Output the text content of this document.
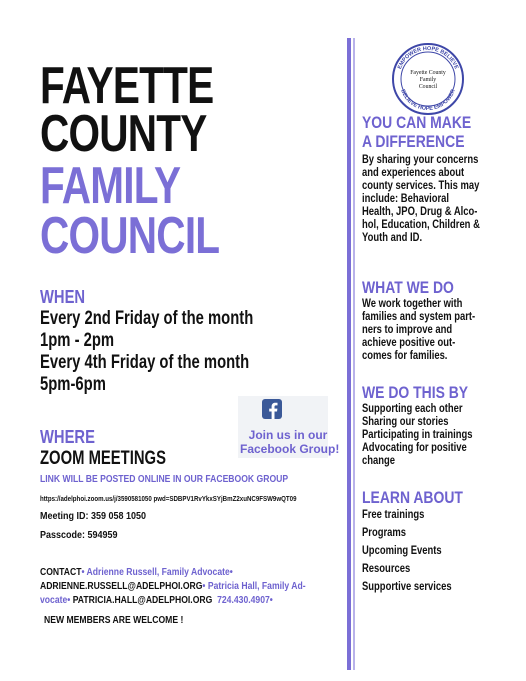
FAYETTE
COUNTY
FAMILY
COUNCIL
WHEN
Every 2nd Friday of the month
1pm - 2pm
Every 4th Friday of the month
5pm-6pm
Join us in our
Facebook Group!
WHERE
ZOOM MEETINGS
LINK WILL BE POSTED ONLINE IN OUR FACEBOOK GROUP
https://adelphoi.zoom.us/j/3590581050 pwd=SDBPV1RvYkxSYjBmZ2xuNC9FSW9wQT09
Meeting ID: 359 058 1050
Passcode: 594959
CONTACT• Adrienne Russell, Family Advocate•
ADRIENNE.RUSSELL@ADELPHOI.ORG• Patricia Hall, Family Ad-
vocate• PATRICIA.HALL@ADELPHOI.ORG 724.430.4907•
NEW MEMBERS ARE WELCOME !
EMPOWER HOPE BELIEVE
BELIEVE HOPE EMPOWER
Fayette County
Family
Council
YOU CAN MAKE
A DIFFERENCE
By sharing your concerns
and experiences about
county services. This may
include: Behavioral
Health, JPO, Drug & Alco-
hol, Education, Children &
Youth and ID.
WHAT WE DO
We work together with
families and system part-
ners to improve and
achieve positive out-
comes for families.
WE DO THIS BY
Supporting each other
Sharing our stories
Participating in trainings
Advocating for positive
change
LEARN ABOUT
Free trainings
Programs
Upcoming Events
Resources
Supportive services
